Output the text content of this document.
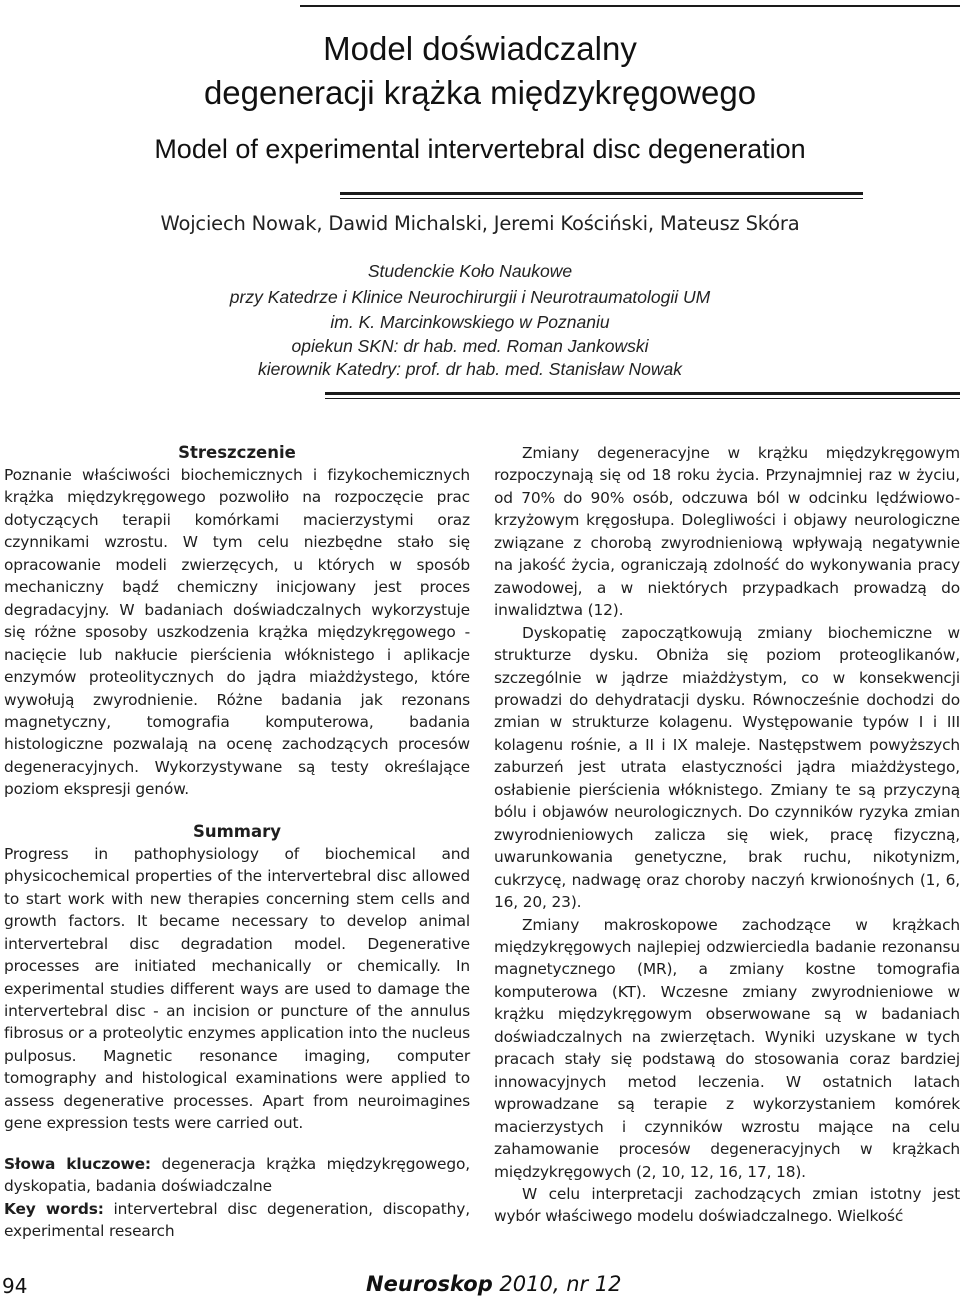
Model doświadczalny
degeneracji krążka międzykręgowego
Model of experimental intervertebral disc degeneration
Wojciech Nowak, Dawid Michalski, Jeremi Kościński, Mateusz Skóra
Studenckie Koło Naukowe
przy Katedrze i Klinice Neurochirurgii i Neurotraumatologii UM
im. K. Marcinkowskiego w Poznaniu
opiekun SKN: dr hab. med. Roman Jankowski
kierownik Katedry: prof. dr hab. med. Stanisław Nowak
Streszczenie

Poznanie właściwości biochemicznych i fizykochemicznych krążka międzykręgowego pozwoliło na rozpoczęcie prac dotyczących terapii komórkami macierzystymi oraz czynnikami wzrostu. W tym celu niezbędne stało się opracowanie modeli zwierzęcych, u których w sposób mechaniczny bądź chemiczny inicjowany jest proces degradacyjny. W badaniach doświadczalnych wykorzystuje się różne sposoby uszkodzenia krążka międzykręgowego - nacięcie lub nakłucie pierścienia włóknistego i aplikacje enzymów proteolitycznych do jądra miażdżystego, które wywołują zwyrodnienie. Różne badania jak rezonans magnetyczny, tomografia komputerowa, badania histologiczne pozwalają na ocenę zachodzących procesów degeneracyjnych. Wykorzystywane są testy określające poziom ekspresji genów.

Summary

Progress in pathophysiology of biochemical and physicochemical properties of the intervertebral disc allowed to start work with new therapies concerning stem cells and growth factors. It became necessary to develop animal intervertebral disc degradation model. Degenerative processes are initiated mechanically or chemically. In experimental studies different ways are used to damage the intervertebral disc - an incision or puncture of the annulus fibrosus or a proteolytic enzymes application into the nucleus pulposus. Magnetic resonance imaging, computer tomography and histological examinations were applied to assess degenerative processes. Apart from neuroimagines gene expression tests were carried out.

Słowa kluczowe: degeneracja krążka międzykręgowego, dyskopatia, badania doświadczalne

Key words: intervertebral disc degeneration, discopathy, experimental research

Zmiany degeneracyjne w krążku międzykręgowym rozpoczynają się od 18 roku życia. Przynajmniej raz w życiu, od 70% do 90% osób, odczuwa ból w odcinku lędźwiowo- krzyżowym kręgosłupa. Dolegliwości i objawy neurologiczne związane z chorobą zwyrodnieniową wpływają negatywnie na jakość życia, ograniczają zdolność do wykonywania pracy zawodowej, a w niektórych przypadkach prowadzą do inwalidztwa (12).

Dyskopatię zapoczątkowują zmiany biochemiczne w strukturze dysku. Obniża się poziom proteoglikanów, szczególnie w jądrze miażdżystym, co w konsekwencji prowadzi do dehydratacji dysku. Równocześnie dochodzi do zmian w strukturze kolagenu. Występowanie typów I i III kolagenu rośnie, a II i IX maleje. Następstwem powyższych zaburzeń jest utrata elastyczności jądra miażdżystego, osłabienie pierścienia włóknistego. Zmiany te są przyczyną bólu i objawów neurologicznych. Do czynników ryzyka zmian zwyrodnieniowych zalicza się wiek, pracę fizyczną, uwarunkowania genetyczne, brak ruchu, nikotynizm, cukrzycę, nadwagę oraz choroby naczyń krwionośnych (1, 6, 16, 20, 23).

Zmiany makroskopowe zachodzące w krążkach międzykręgowych najlepiej odzwierciedla badanie rezonansu magnetycznego (MR), a zmiany kostne tomografia komputerowa (KT). Wczesne zmiany zwyrodnieniowe w krążku międzykręgowym obserwowane są w badaniach doświadczalnych na zwierzętach. Wyniki uzyskane w tych pracach stały się podstawą do stosowania coraz bardziej innowacyjnych metod leczenia. W ostatnich latach wprowadzane są terapie z wykorzystaniem komórek macierzystych i czynników wzrostu mające na celu zahamowanie procesów degeneracyjnych w krążkach międzykręgowych (2, 10, 12, 16, 17, 18).

W celu interpretacji zachodzących zmian istotny jest wybór właściwego modelu doświadczalnego. Wielkość

94	Neuroskop 2010, nr 12
